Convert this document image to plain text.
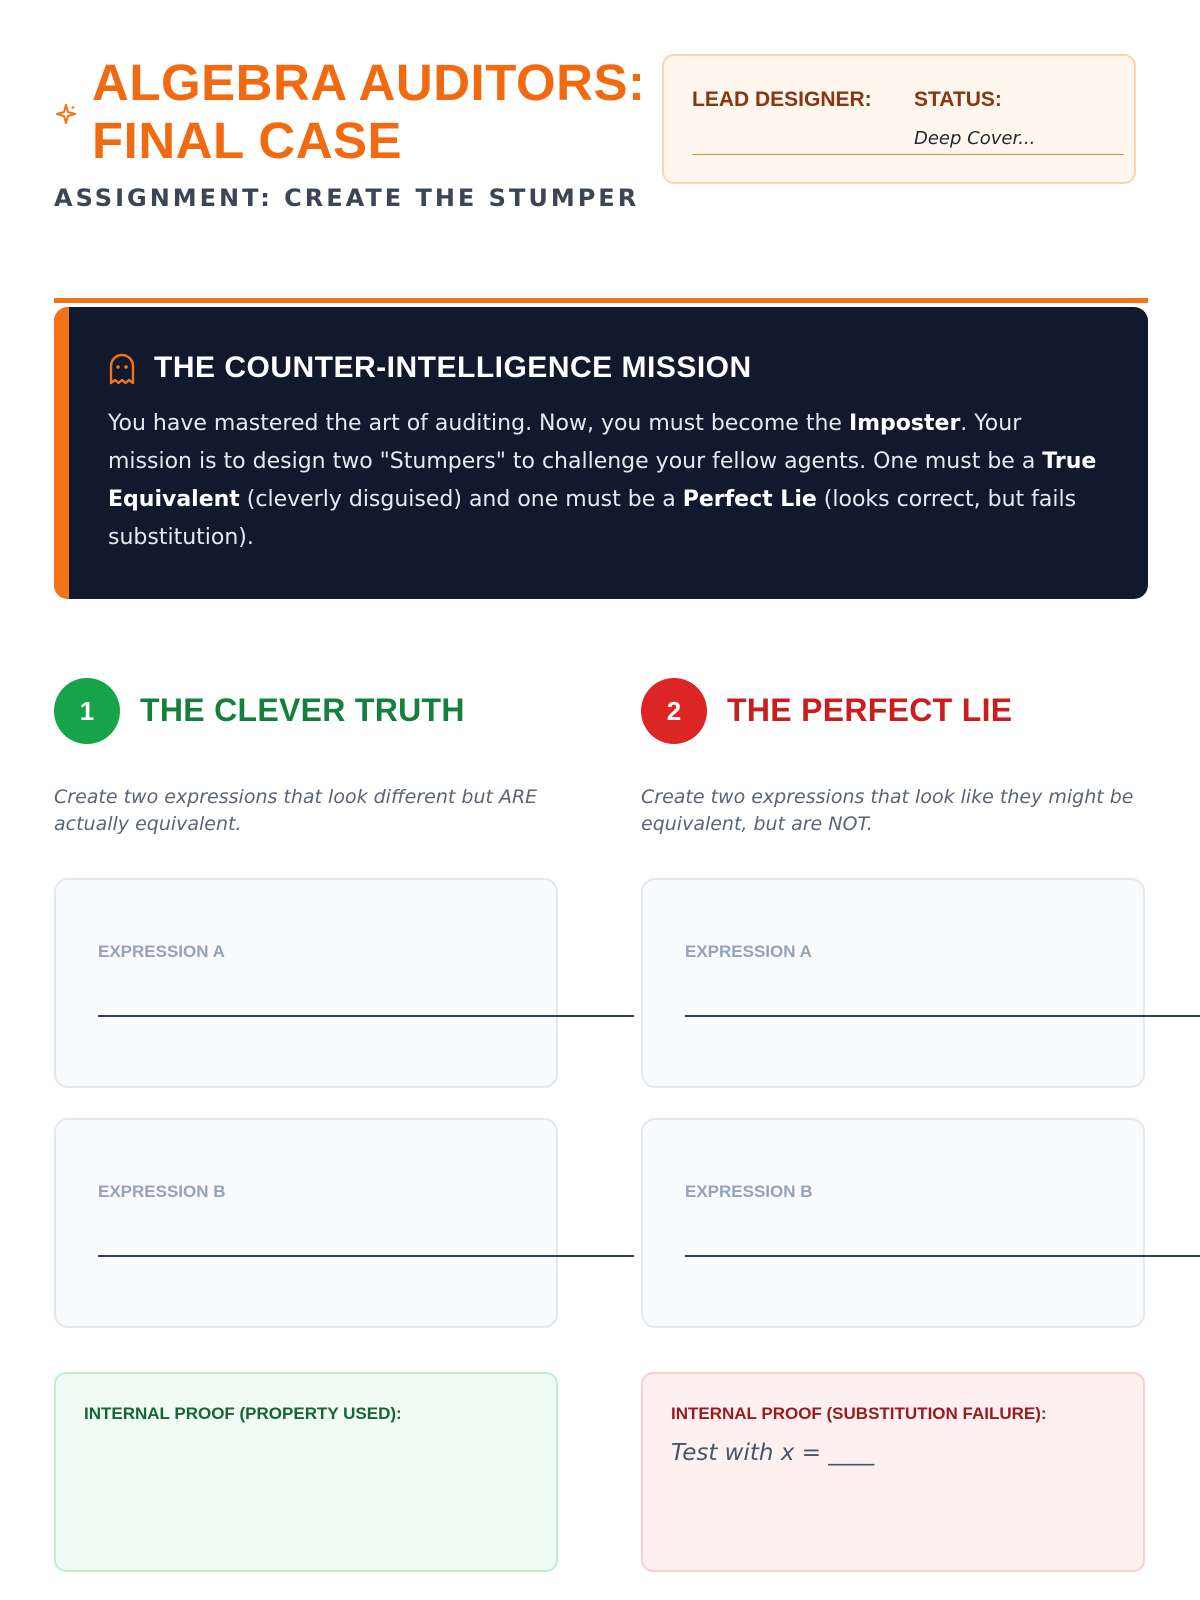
ALGEBRA AUDITORS: FINAL CASE
ASSIGNMENT: CREATE THE STUMPER
LEAD DESIGNER: STATUS:
Deep Cover...
THE COUNTER-INTELLIGENCE MISSION
You have mastered the art of auditing. Now, you must become the Imposter. Your mission is to design two "Stumpers" to challenge your fellow agents. One must be a True Equivalent (cleverly disguised) and one must be a Perfect Lie (looks correct, but fails substitution).
1	THE CLEVER TRUTH
Create two expressions that look different but ARE actually equivalent.
EXPRESSION A
EXPRESSION B
INTERNAL PROOF (PROPERTY USED):
2	THE PERFECT LIE
Create two expressions that look like they might be equivalent, but are NOT.
EXPRESSION A
EXPRESSION B
INTERNAL PROOF (SUBSTITUTION FAILURE):
Test with x = ____
